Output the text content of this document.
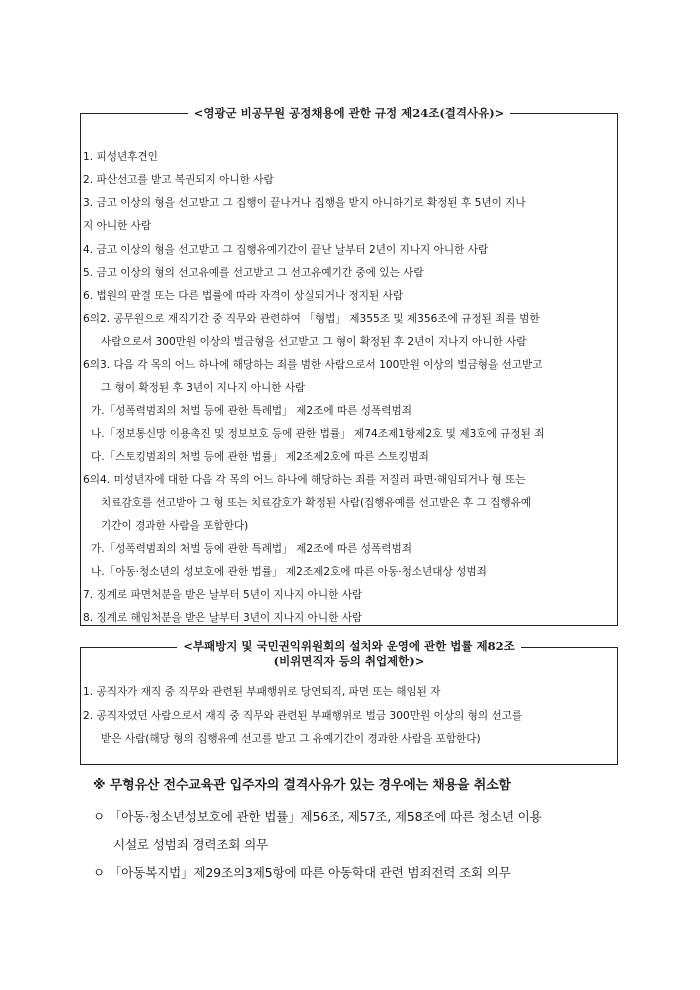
<영광군 비공무원 공정채용에 관한 규정 제24조(결격사유)>
1. 피성년후견인
2. 파산선고를 받고 복권되지 아니한 사람
3. 금고 이상의 형을 선고받고 그 집행이 끝나거나 집행을 받지 아니하기로 확정된 후 5년이 지나
지 아니한 사람
4. 금고 이상의 형을 선고받고 그 집행유예기간이 끝난 날부터 2년이 지나지 아니한 사람
5. 금고 이상의 형의 선고유예를 선고받고 그 선고유예기간 중에 있는 사람
6. 법원의 판결 또는 다른 법률에 따라 자격이 상실되거나 정지된 사람
6의2. 공무원으로 재직기간 중 직무와 관련하여 「형법」 제355조 및 제356조에 규정된 죄를 범한
사람으로서 300만원 이상의 벌금형을 선고받고 그 형이 확정된 후 2년이 지나지 아니한 사람
6의3. 다음 각 목의 어느 하나에 해당하는 죄를 범한 사람으로서 100만원 이상의 벌금형을 선고받고
그 형이 확정된 후 3년이 지나지 아니한 사람
가.「성폭력범죄의 처벌 등에 관한 특례법」 제2조에 따른 성폭력범죄
나.「정보통신망 이용촉진 및 정보보호 등에 관한 법률」 제74조제1항제2호 및 제3호에 규정된 죄
다.「스토킹범죄의 처벌 등에 관한 법률」 제2조제2호에 따른 스토킹범죄
6의4. 미성년자에 대한 다음 각 목의 어느 하나에 해당하는 죄를 저질러 파면·해임되거나 형 또는
치료감호를 선고받아 그 형 또는 치료감호가 확정된 사람(집행유예를 선고받은 후 그 집행유예
기간이 경과한 사람을 포함한다)
가.「성폭력범죄의 처벌 등에 관한 특례법」 제2조에 따른 성폭력범죄
나.「아동·청소년의 성보호에 관한 법률」 제2조제2호에 따른 아동·청소년대상 성범죄
7. 징계로 파면처분을 받은 날부터 5년이 지나지 아니한 사람
8. 징계로 해임처분을 받은 날부터 3년이 지나지 아니한 사람
<부패방지 및 국민권익위원회의 설치와 운영에 관한 법률 제82조
(비위면직자 등의 취업제한)>
1. 공직자가 재직 중 직무와 관련된 부패행위로 당연퇴직, 파면 또는 해임된 자
2. 공직자였던 사람으로서 재직 중 직무와 관련된 부패행위로 벌금 300만원 이상의 형의 선고를
받은 사람(해당 형의 집행유예 선고를 받고 그 유예기간이 경과한 사람을 포함한다)
※ 무형유산 전수교육관 입주자의 결격사유가 있는 경우에는 채용을 취소함
ㅇ 「아동·청소년성보호에 관한 법률」제56조, 제57조, 제58조에 따른 청소년 이용
시설로 성범죄 경력조회 의무
ㅇ 「아동복지법」제29조의3제5항에 따른 아동학대 관련 범죄전력 조회 의무
